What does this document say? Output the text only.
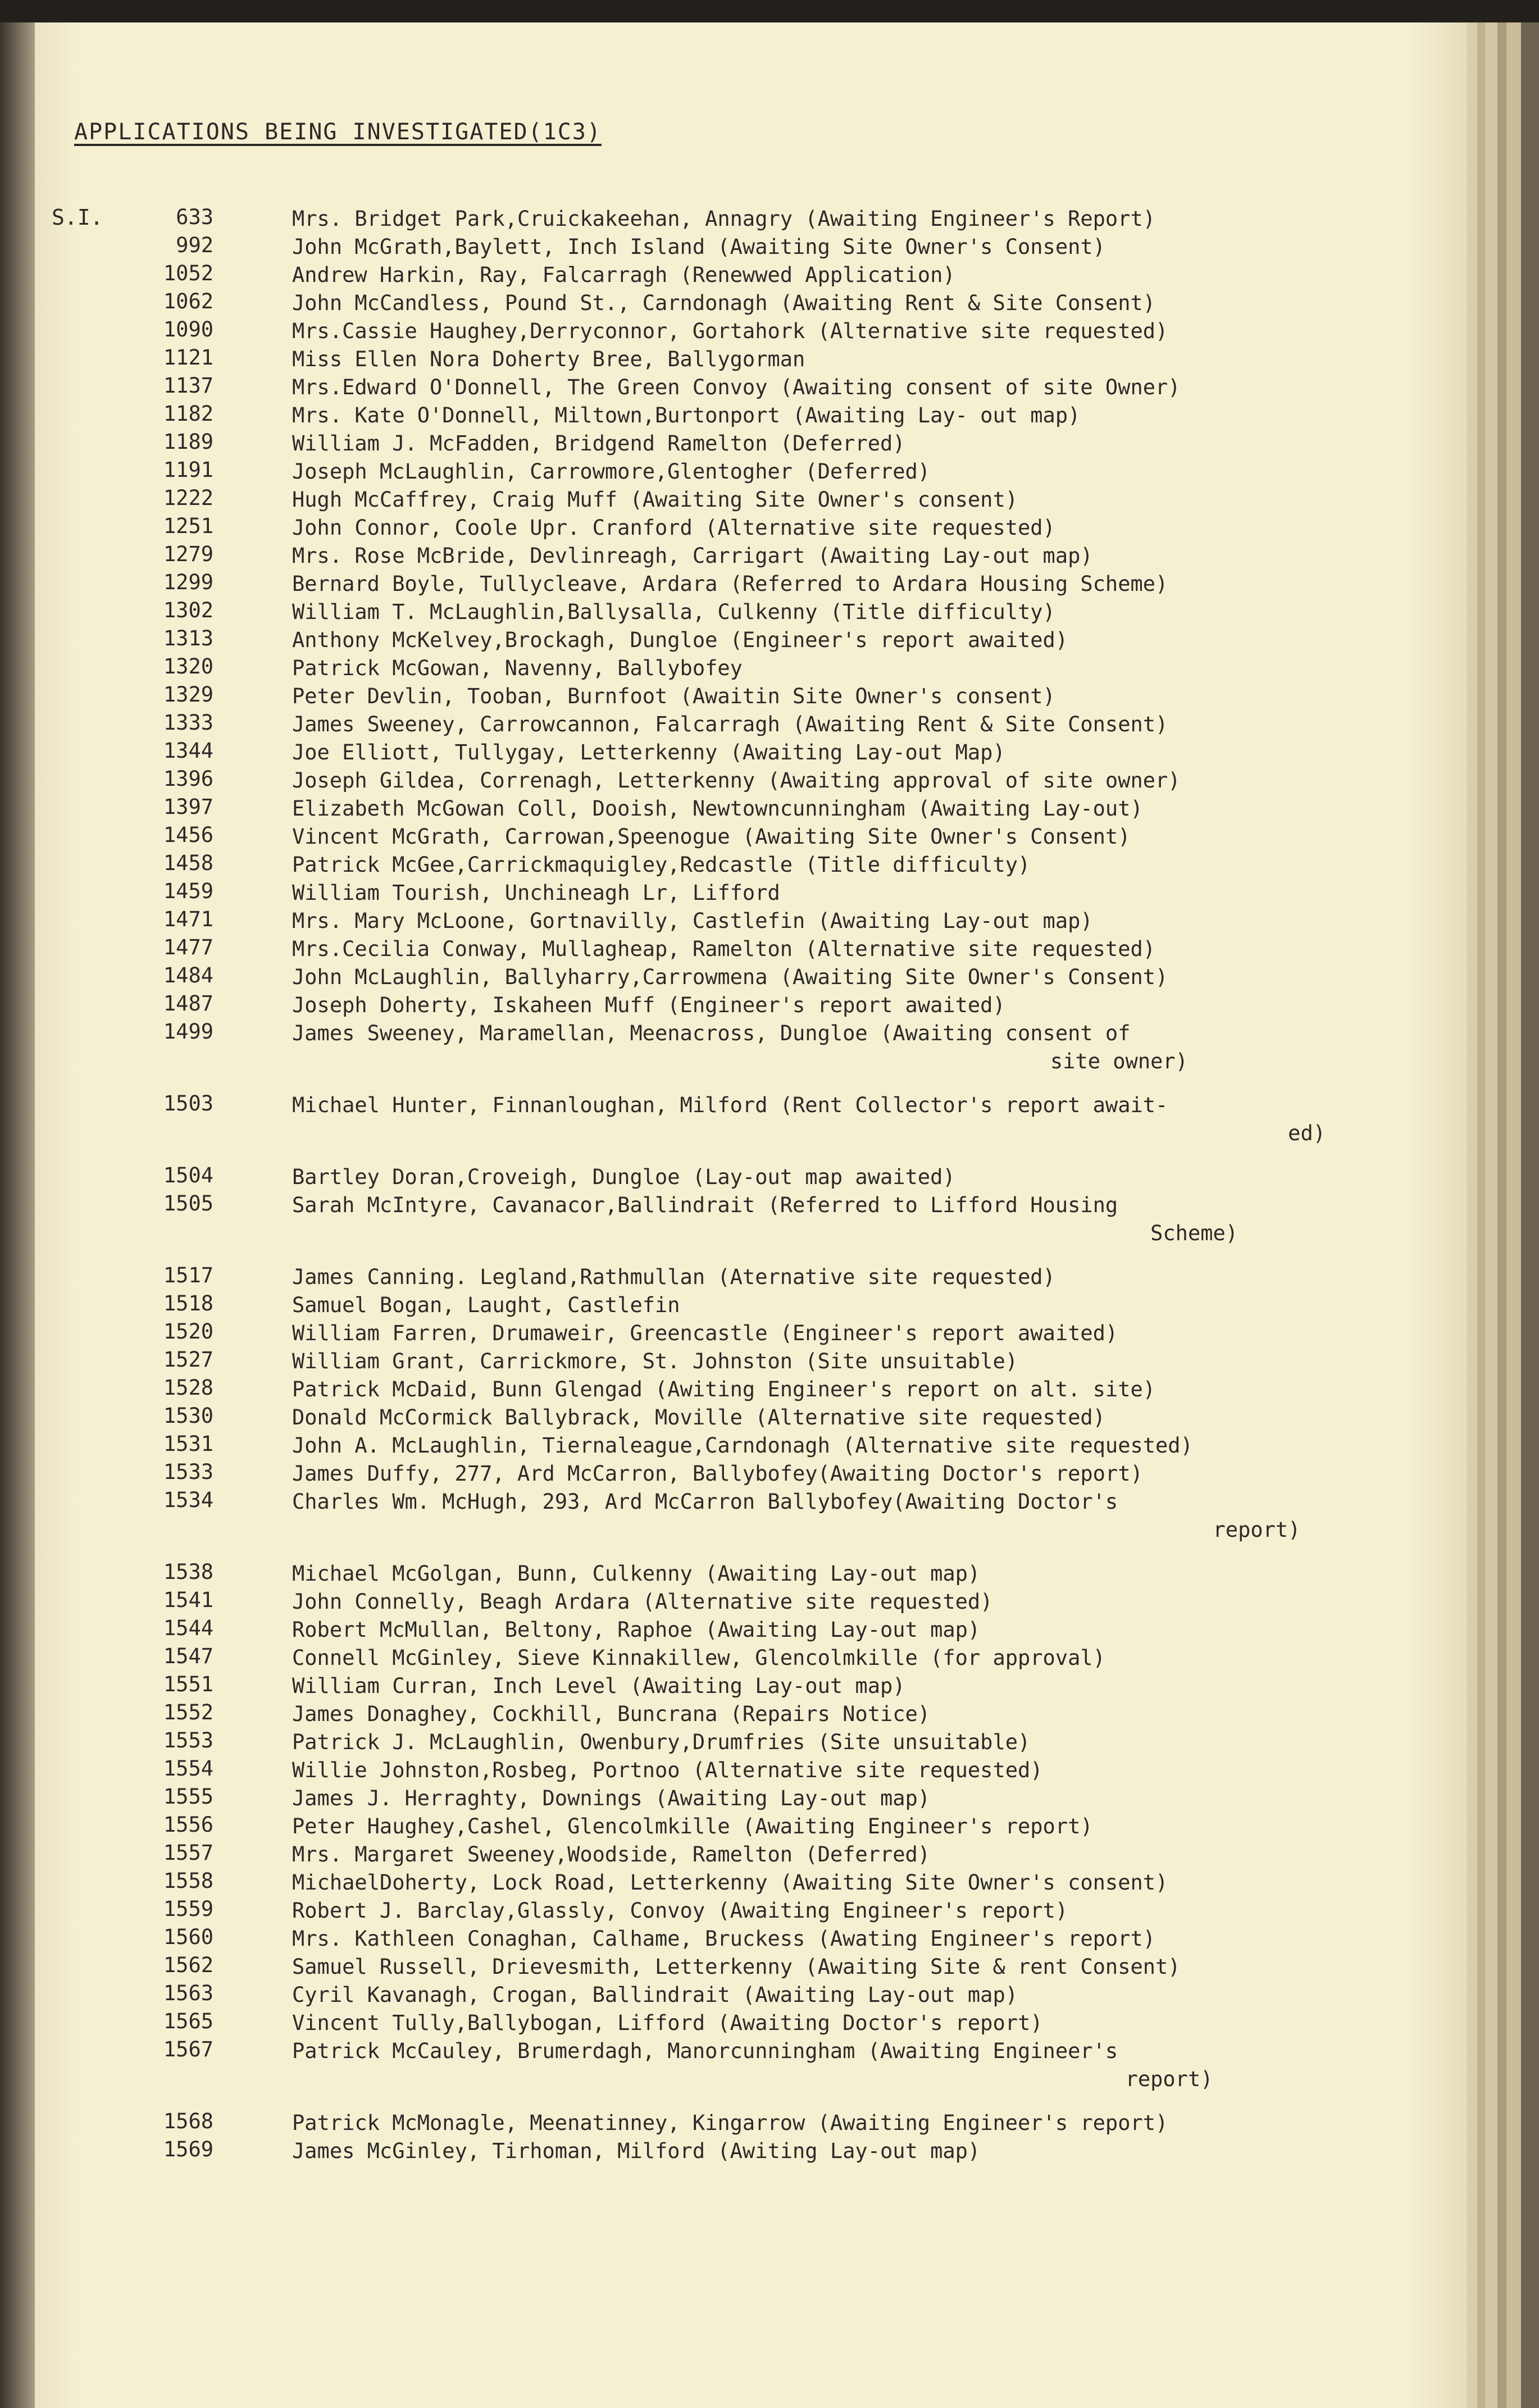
APPLICATIONS BEING INVESTIGATED(1C3)
S.I.	633	Mrs. Bridget Park,Cruickakeehan, Annagry (Awaiting Engineer's Report)
992	John McGrath,Baylett, Inch Island (Awaiting Site Owner's Consent)
1052	Andrew Harkin, Ray, Falcarragh (Renewwed Application)
1062	John McCandless, Pound St., Carndonagh (Awaiting Rent & Site Consent)
1090	Mrs.Cassie Haughey,Derryconnor, Gortahork (Alternative site requested)
1121	Miss Ellen Nora Doherty Bree, Ballygorman
1137	Mrs.Edward O'Donnell, The Green Convoy (Awaiting consent of site Owner)
1182	Mrs. Kate O'Donnell, Miltown,Burtonport (Awaiting Lay- out map)
1189	William J. McFadden, Bridgend Ramelton (Deferred)
1191	Joseph McLaughlin, Carrowmore,Glentogher (Deferred)
1222	Hugh McCaffrey, Craig Muff (Awaiting Site Owner's consent)
1251	John Connor, Coole Upr. Cranford (Alternative site requested)
1279	Mrs. Rose McBride, Devlinreagh, Carrigart (Awaiting Lay-out map)
1299	Bernard Boyle, Tullycleave, Ardara (Referred to Ardara Housing Scheme)
1302	William T. McLaughlin,Ballysalla, Culkenny (Title difficulty)
1313	Anthony McKelvey,Brockagh, Dungloe (Engineer's report awaited)
1320	Patrick McGowan, Navenny, Ballybofey
1329	Peter Devlin, Tooban, Burnfoot (Awaitin Site Owner's consent)
1333	James Sweeney, Carrowcannon, Falcarragh (Awaiting Rent & Site Consent)
1344	Joe Elliott, Tullygay, Letterkenny (Awaiting Lay-out Map)
1396	Joseph Gildea, Correnagh, Letterkenny (Awaiting approval of site owner)
1397	Elizabeth McGowan Coll, Dooish, Newtowncunningham (Awaiting Lay-out)
1456	Vincent McGrath, Carrowan,Speenogue (Awaiting Site Owner's Consent)
1458	Patrick McGee,Carrickmaquigley,Redcastle (Title difficulty)
1459	William Tourish, Unchineagh Lr, Lifford
1471	Mrs. Mary McLoone, Gortnavilly, Castlefin (Awaiting Lay-out map)
1477	Mrs.Cecilia Conway, Mullagheap, Ramelton (Alternative site requested)
1484	John McLaughlin, Ballyharry,Carrowmena (Awaiting Site Owner's Consent)
1487	Joseph Doherty, Iskaheen Muff (Engineer's report awaited)
1499	James Sweeney, Maramellan, Meenacross, Dungloe (Awaiting consent of
site owner)
1503	Michael Hunter, Finnanloughan, Milford (Rent Collector's report await-
ed)
1504	Bartley Doran,Croveigh, Dungloe (Lay-out map awaited)
1505	Sarah McIntyre, Cavanacor,Ballindrait (Referred to Lifford Housing
Scheme)
1517	James Canning. Legland,Rathmullan (Aternative site requested)
1518	Samuel Bogan, Laught, Castlefin
1520	William Farren, Drumaweir, Greencastle (Engineer's report awaited)
1527	William Grant, Carrickmore, St. Johnston (Site unsuitable)
1528	Patrick McDaid, Bunn Glengad (Awiting Engineer's report on alt. site)
1530	Donald McCormick Ballybrack, Moville (Alternative site requested)
1531	John A. McLaughlin, Tiernaleague,Carndonagh (Alternative site requested)
1533	James Duffy, 277, Ard McCarron, Ballybofey(Awaiting Doctor's report)
1534	Charles Wm. McHugh, 293, Ard McCarron Ballybofey(Awaiting Doctor's
report)
1538	Michael McGolgan, Bunn, Culkenny (Awaiting Lay-out map)
1541	John Connelly, Beagh Ardara (Alternative site requested)
1544	Robert McMullan, Beltony, Raphoe (Awaiting Lay-out map)
1547	Connell McGinley, Sieve Kinnakillew, Glencolmkille (for approval)
1551	William Curran, Inch Level (Awaiting Lay-out map)
1552	James Donaghey, Cockhill, Buncrana (Repairs Notice)
1553	Patrick J. McLaughlin, Owenbury,Drumfries (Site unsuitable)
1554	Willie Johnston,Rosbeg, Portnoo (Alternative site requested)
1555	James J. Herraghty, Downings (Awaiting Lay-out map)
1556	Peter Haughey,Cashel, Glencolmkille (Awaiting Engineer's report)
1557	Mrs. Margaret Sweeney,Woodside, Ramelton (Deferred)
1558	MichaelDoherty, Lock Road, Letterkenny (Awaiting Site Owner's consent)
1559	Robert J. Barclay,Glassly, Convoy (Awaiting Engineer's report)
1560	Mrs. Kathleen Conaghan, Calhame, Bruckess (Awating Engineer's report)
1562	Samuel Russell, Drievesmith, Letterkenny (Awaiting Site & rent Consent)
1563	Cyril Kavanagh, Crogan, Ballindrait (Awaiting Lay-out map)
1565	Vincent Tully,Ballybogan, Lifford (Awaiting Doctor's report)
1567	Patrick McCauley, Brumerdagh, Manorcunningham (Awaiting Engineer's
report)
1568	Patrick McMonagle, Meenatinney, Kingarrow (Awaiting Engineer's report)
1569	James McGinley, Tirhoman, Milford (Awiting Lay-out map)
